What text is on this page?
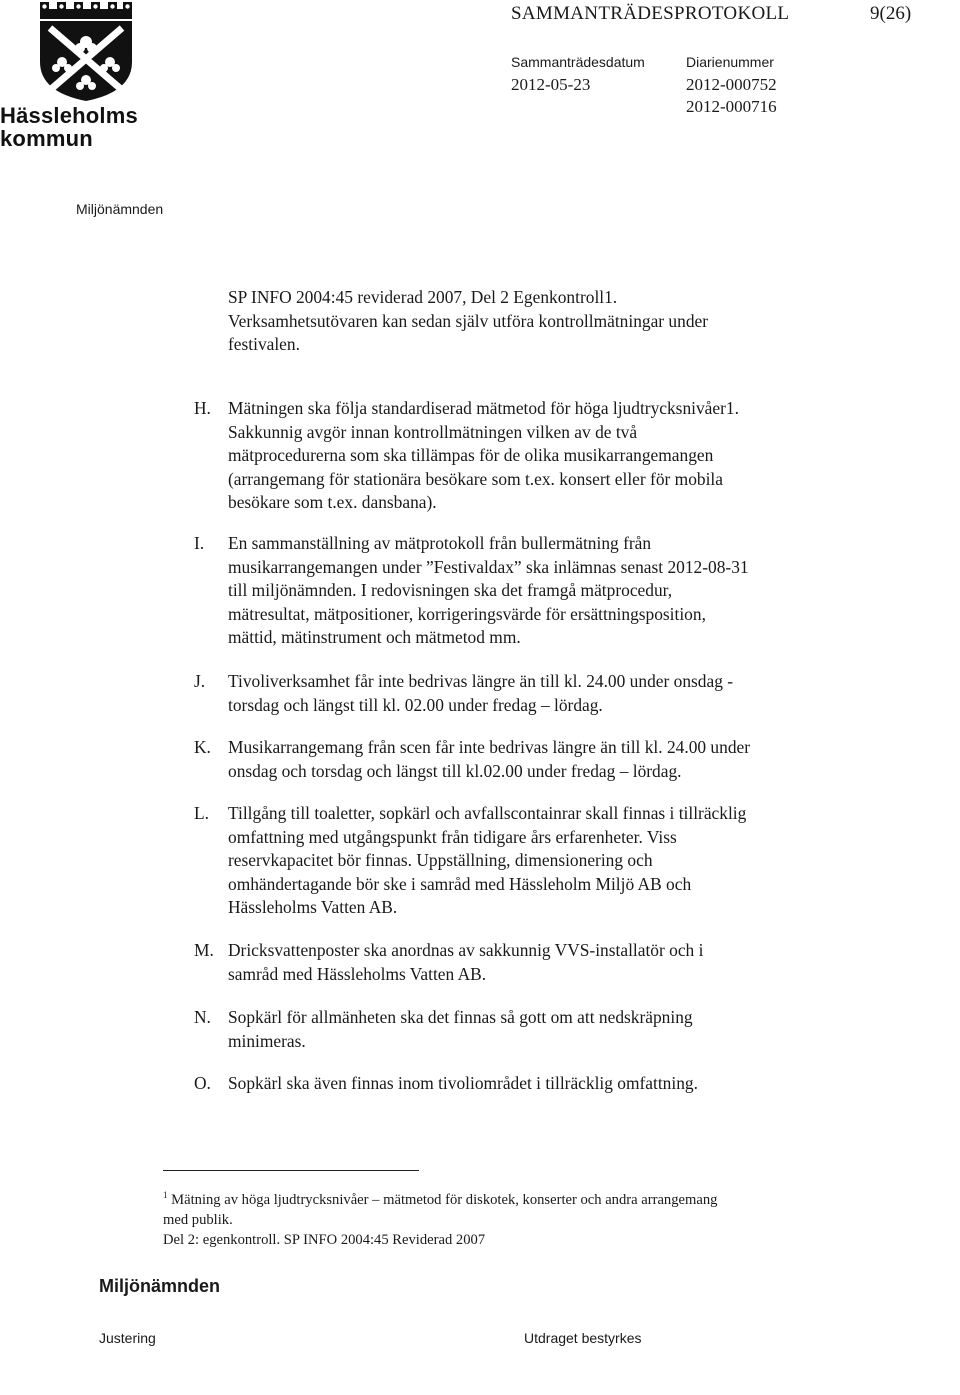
Hässleholms
kommun
SAMMANTRÄDESPROTOKOLL	9(26)
Sammanträdesdatum	Diarienummer
2012-05-23	2012-000752
2012-000716
Miljönämnden
SP INFO 2004:45 reviderad 2007, Del 2 Egenkontroll1.
Verksamhetsutövaren kan sedan själv utföra kontrollmätningar under
festivalen.
H. Mätningen ska följa standardiserad mätmetod för höga ljudtrycksnivåer1.
Sakkunnig avgör innan kontrollmätningen vilken av de två
mätprocedurerna som ska tillämpas för de olika musikarrangemangen
(arrangemang för stationära besökare som t.ex. konsert eller för mobila
besökare som t.ex. dansbana).
I. En sammanställning av mätprotokoll från bullermätning från
musikarrangemangen under ”Festivaldax” ska inlämnas senast 2012-08-31
till miljönämnden. I redovisningen ska det framgå mätprocedur,
mätresultat, mätpositioner, korrigeringsvärde för ersättningsposition,
mättid, mätinstrument och mätmetod mm.
J. Tivoliverksamhet får inte bedrivas längre än till kl. 24.00 under onsdag -
torsdag och längst till kl. 02.00 under fredag – lördag.
K. Musikarrangemang från scen får inte bedrivas längre än till kl. 24.00 under
onsdag och torsdag och längst till kl.02.00 under fredag – lördag.
L. Tillgång till toaletter, sopkärl och avfallscontainrar skall finnas i tillräcklig
omfattning med utgångspunkt från tidigare års erfarenheter. Viss
reservkapacitet bör finnas. Uppställning, dimensionering och
omhändertagande bör ske i samråd med Hässleholm Miljö AB och
Hässleholms Vatten AB.
M. Dricksvattenposter ska anordnas av sakkunnig VVS-installatör och i
samråd med Hässleholms Vatten AB.
N. Sopkärl för allmänheten ska det finnas så gott om att nedskräpning
minimeras.
O. Sopkärl ska även finnas inom tivoliområdet i tillräcklig omfattning.
$^1$ Mätning av höga ljudtrycksnivåer – mätmetod för diskotek, konserter och andra arrangemang
med publik.
Del 2: egenkontroll. SP INFO 2004:45 Reviderad 2007
Miljönämnden
Justering	Utdraget bestyrkes
